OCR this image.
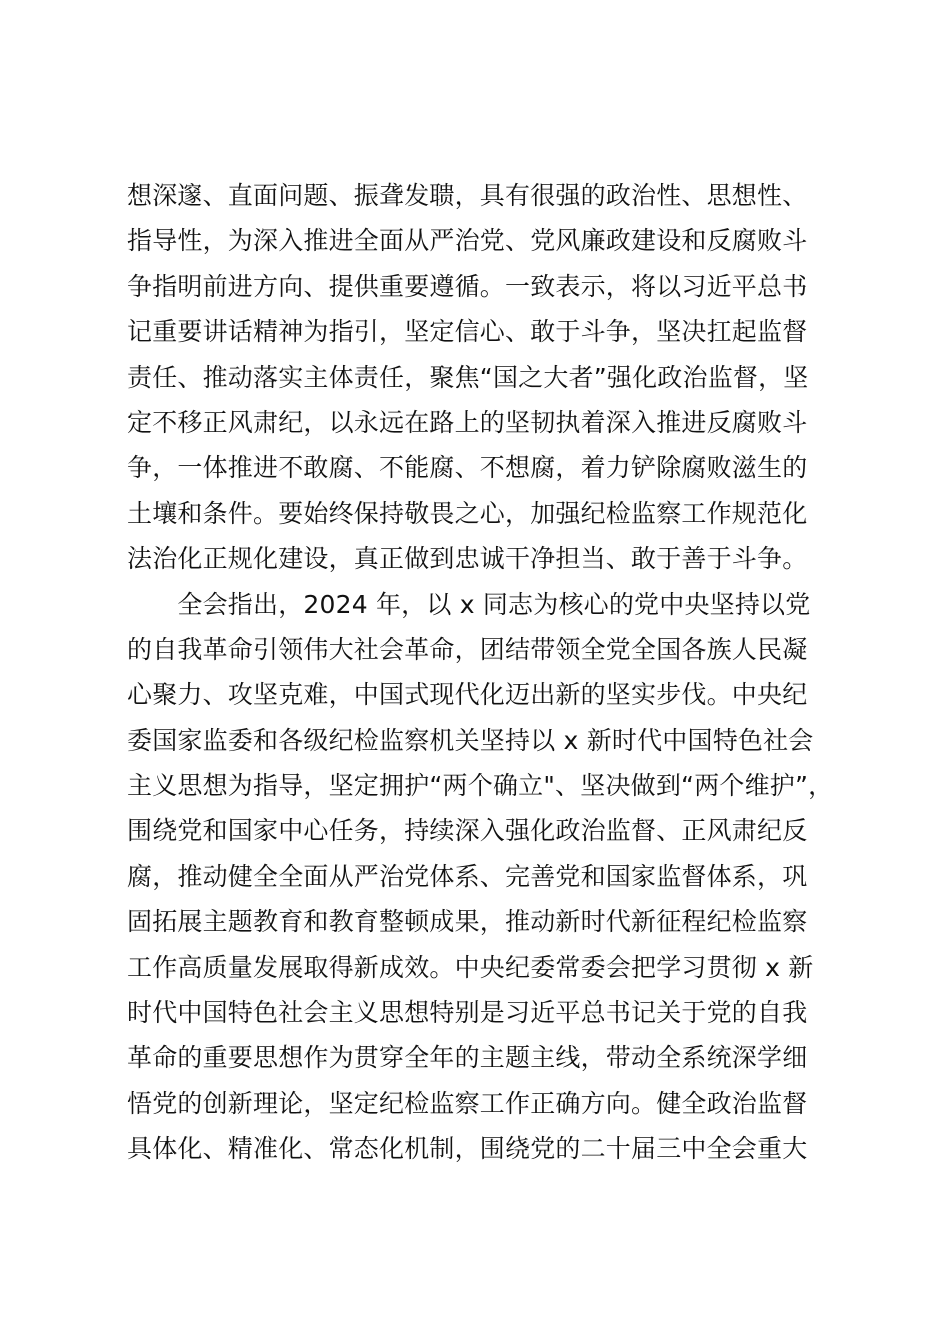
想深邃、直面问题、振聋发聩，具有很强的政治性、思想性、
指导性，为深入推进全面从严治党、党风廉政建设和反腐败斗
争指明前进方向、提供重要遵循。一致表示，将以习近平总书
记重要讲话精神为指引，坚定信心、敢于斗争，坚决扛起监督
责任、推动落实主体责任，聚焦“国之大者”强化政治监督，坚
定不移正风肃纪，以永远在路上的坚韧执着深入推进反腐败斗
争，一体推进不敢腐、不能腐、不想腐，着力铲除腐败滋生的
土壤和条件。要始终保持敬畏之心，加强纪检监察工作规范化
法治化正规化建设，真正做到忠诚干净担当、敢于善于斗争。
　　全会指出，2024 年，以 x 同志为核心的党中央坚持以党
的自我革命引领伟大社会革命，团结带领全党全国各族人民凝
心聚力、攻坚克难，中国式现代化迈出新的坚实步伐。中央纪
委国家监委和各级纪检监察机关坚持以 x 新时代中国特色社会
主义思想为指导，坚定拥护“两个确立"、坚决做到“两个维护”，
围绕党和国家中心任务，持续深入强化政治监督、正风肃纪反
腐，推动健全全面从严治党体系、完善党和国家监督体系，巩
固拓展主题教育和教育整顿成果，推动新时代新征程纪检监察
工作高质量发展取得新成效。中央纪委常委会把学习贯彻 x 新
时代中国特色社会主义思想特别是习近平总书记关于党的自我
革命的重要思想作为贯穿全年的主题主线，带动全系统深学细
悟党的创新理论，坚定纪检监察工作正确方向。健全政治监督
具体化、精准化、常态化机制，围绕党的二十届三中全会重大
